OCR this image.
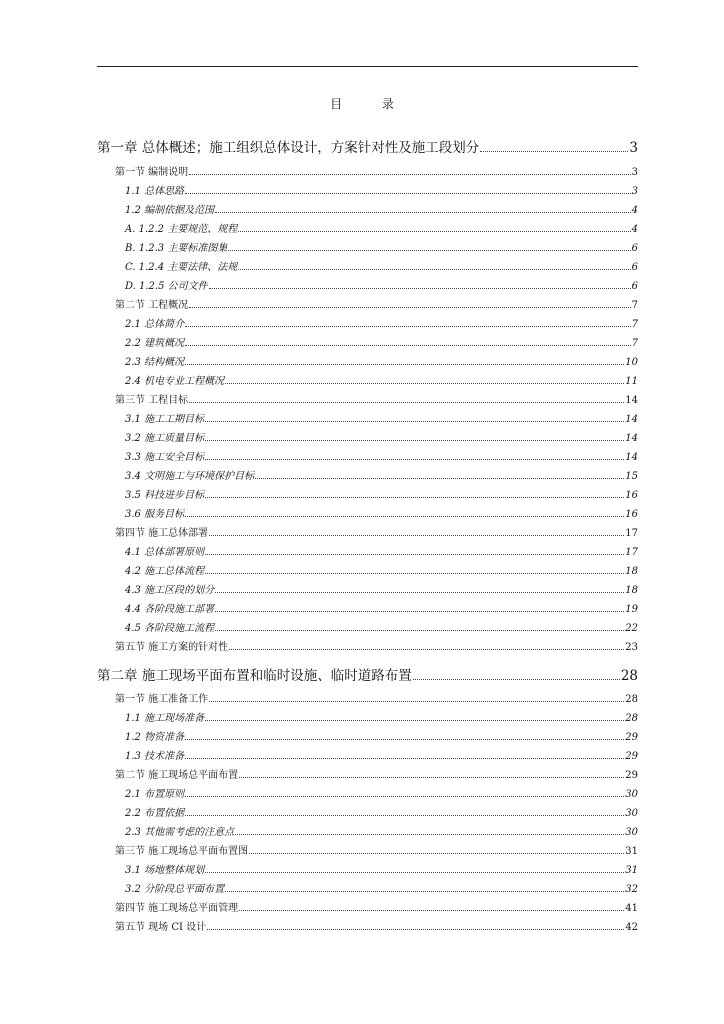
目 录
第一章 总体概述；施工组织总体设计，方案针对性及施工段划分	3
第一节 编制说明	3
1.1 总体思路	3
1.2 编制依据及范围	4
A. 1.2.2 主要规范、规程	4
B. 1.2.3 主要标准图集	6
C. 1.2.4 主要法律、法规	6
D. 1.2.5 公司文件	6
第二节 工程概况	7
2.1 总体简介	7
2.2 建筑概况	7
2.3 结构概况	10
2.4 机电专业工程概况	11
第三节 工程目标	14
3.1 施工工期目标	14
3.2 施工质量目标	14
3.3 施工安全目标	14
3.4 文明施工与环境保护目标	15
3.5 科技进步目标	16
3.6 服务目标	16
第四节 施工总体部署	17
4.1 总体部署原则	17
4.2 施工总体流程	18
4.3 施工区段的划分	18
4.4 各阶段施工部署	19
4.5 各阶段施工流程	22
第五节 施工方案的针对性	23
第二章 施工现场平面布置和临时设施、临时道路布置	28
第一节 施工准备工作	28
1.1 施工现场准备	28
1.2 物资准备	29
1.3 技术准备	29
第二节 施工现场总平面布置	29
2.1 布置原则	30
2.2 布置依据	30
2.3 其他需考虑的注意点	30
第三节 施工现场总平面布置图	31
3.1 场地整体规划	31
3.2 分阶段总平面布置	32
第四节 施工现场总平面管理	41
第五节 现场 CI 设计	42
